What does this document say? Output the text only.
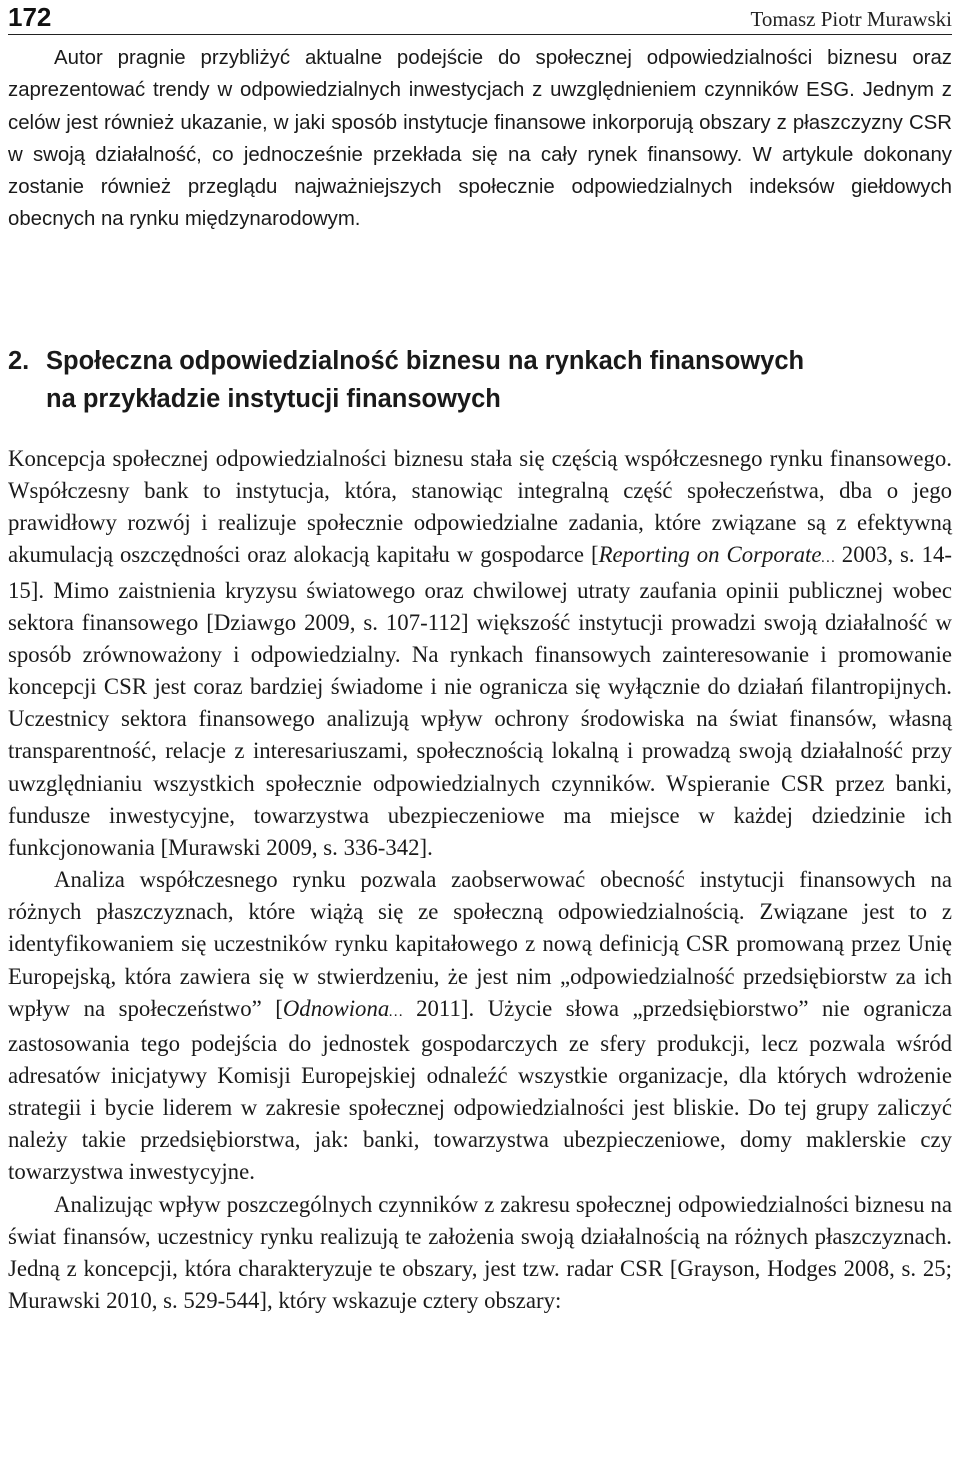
172	Tomasz Piotr Murawski
Autor pragnie przybliżyć aktualne podejście do społecznej odpowiedzialności biznesu oraz zaprezentować trendy w odpowiedzialnych inwestycjach z uwzględnieniem czynników ESG. Jednym z celów jest również ukazanie, w jaki sposób instytucje finansowe inkorporują obszary z płaszczyzny CSR w swoją działalność, co jednocześnie przekłada się na cały rynek finansowy. W artykule dokonany zostanie również przeglądu najważniejszych społecznie odpowiedzialnych indeksów giełdowych obecnych na rynku międzynarodowym.
2. Społeczna odpowiedzialność biznesu na rynkach finansowych
na przykładzie instytucji finansowych

Koncepcja społecznej odpowiedzialności biznesu stała się częścią współczesnego rynku finansowego. Współczesny bank to instytucja, która, stanowiąc integralną część społeczeństwa, dba o jego prawidłowy rozwój i realizuje społecznie odpowiedzialne zadania, które związane są z efektywną akumulacją oszczędności oraz alokacją kapitału w gospodarce [Reporting on Corporate… 2003, s. 14-15]. Mimo zaistnienia kryzysu światowego oraz chwilowej utraty zaufania opinii publicznej wobec sektora finansowego [Dziawgo 2009, s. 107-112] większość instytucji prowadzi swoją działalność w sposób zrównoważony i odpowiedzialny. Na rynkach finansowych zainteresowanie i promowanie koncepcji CSR jest coraz bardziej świadome i nie ogranicza się wyłącznie do działań filantropijnych. Uczestnicy sektora finansowego analizują wpływ ochrony środowiska na świat finansów, własną transparentność, relacje z interesariuszami, społecznością lokalną i prowadzą swoją działalność przy uwzględnianiu wszystkich społecznie odpowiedzialnych czynników. Wspieranie CSR przez banki, fundusze inwestycyjne, towarzystwa ubezpieczeniowe ma miejsce w każdej dziedzinie ich funkcjonowania [Murawski 2009, s. 336-342].

Analiza współczesnego rynku pozwala zaobserwować obecność instytucji finansowych na różnych płaszczyznach, które wiążą się ze społeczną odpowiedzialnością. Związane jest to z identyfikowaniem się uczestników rynku kapitałowego z nową definicją CSR promowaną przez Unię Europejską, która zawiera się w stwierdzeniu, że jest nim „odpowiedzialność przedsiębiorstw za ich wpływ na społeczeństwo” [Odnowiona… 2011]. Użycie słowa „przedsiębiorstwo” nie ogranicza zastosowania tego podejścia do jednostek gospodarczych ze sfery produkcji, lecz pozwala wśród adresatów inicjatywy Komisji Europejskiej odnaleźć wszystkie organizacje, dla których wdrożenie strategii i bycie liderem w zakresie społecznej odpowiedzialności jest bliskie. Do tej grupy zaliczyć należy takie przedsiębiorstwa, jak: banki, towarzystwa ubezpieczeniowe, domy maklerskie czy towarzystwa inwestycyjne.

Analizując wpływ poszczególnych czynników z zakresu społecznej odpowiedzialności biznesu na świat finansów, uczestnicy rynku realizują te założenia swoją działalnością na różnych płaszczyznach. Jedną z koncepcji, która charakteryzuje te obszary, jest tzw. radar CSR [Grayson, Hodges 2008, s. 25; Murawski 2010, s. 529-544], który wskazuje cztery obszary:
